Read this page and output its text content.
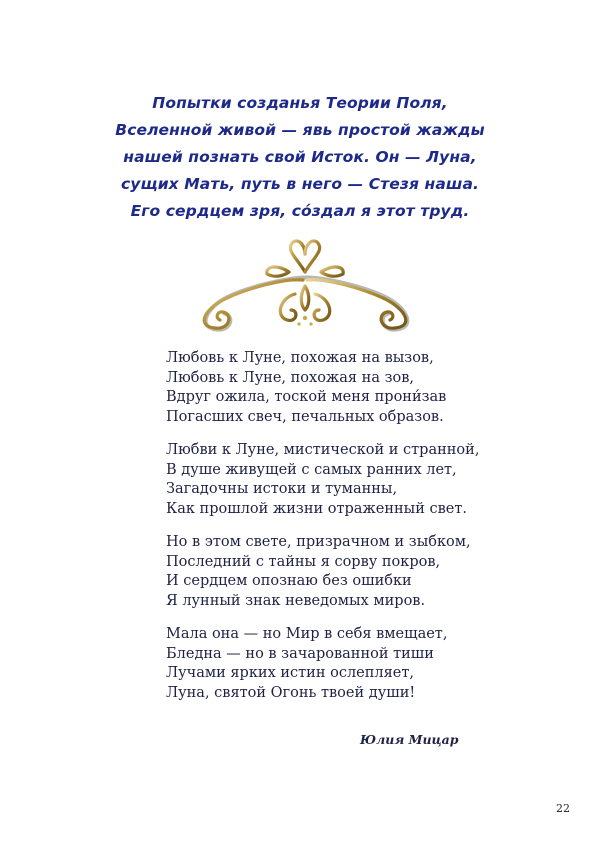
Попытки созданья Теории Поля,
Вселенной живой — явь простой жажды
нашей познать свой Исток. Он — Луна,
сущих Мать, путь в него — Стезя наша.
Его сердцем зря, сóздал я этот труд.
Любовь к Луне, похожая на вызов,
Любовь к Луне, похожая на зов,
Вдруг ожила, тоской меня прони́зав
Погасших свеч, печальных образов.
Любви к Луне, мистической и странной,
В душе живущей с самых ранних лет,
Загадочны истоки и туманны,
Как прошлой жизни отраженный свет.
Но в этом свете, призрачном и зыбком,
Последний с тайны я сорву покров,
И сердцем опознаю без ошибки
Я лунный знак неведомых миров.
Мала она — но Мир в себя вмещает,
Бледна — но в зачарованной тиши
Лучами ярких истин ослепляет,
Луна, святой Огонь твоей души!
Юлия Мицар
22
